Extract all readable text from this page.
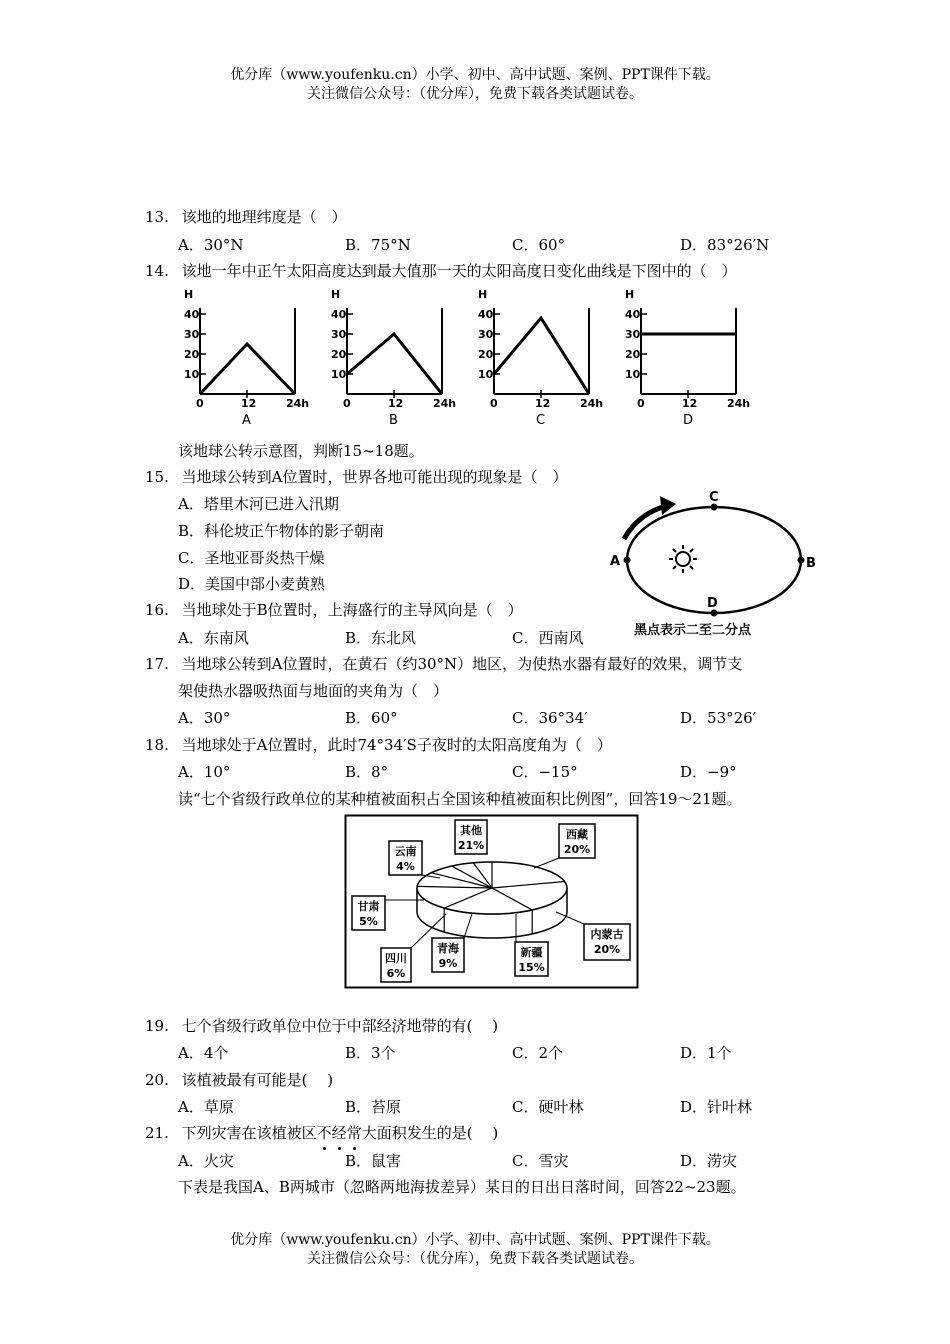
优分库（www.youfenku.cn）小学、初中、高中试题、案例、PPT课件下载。
关注微信公众号：（优分库），免费下载各类试题试卷。
13. 该地的地理纬度是（　）
A．30°N	B．75°N	C．60°	D．83°26′N
14. 该地一年中正午太阳高度达到最大值那一天的太阳高度日变化曲线是下图中的（　）
H
40
30
20
10
0	12	24h
A
H
40
30
20
10
0	12	24h
B
H
40
30
20
10
0	12	24h
C
H
40
30
20
10
0	12	24h
D
该地球公转示意图，判断15~18题。
15. 当地球公转到A位置时，世界各地可能出现的现象是（　）
A．塔里木河已进入汛期
B．科伦坡正午物体的影子朝南
C．圣地亚哥炎热干燥
D．美国中部小麦黄熟
A	B
C
D
黑点表示二至二分点
16. 当地球处于B位置时，上海盛行的主导风向是（　）
A．东南风	B．东北风	C．西南风
17. 当地球公转到A位置时，在黄石（约30°N）地区，为使热水器有最好的效果，调节支
架使热水器吸热面与地面的夹角为（　）
A．30°	B．60°	C．36°34′	D．53°26′
18. 当地球处于A位置时，此时74°34′S子夜时的太阳高度角为（　）
A．10°	B．8°	C．−15°	D．−9°
读“七个省级行政单位的某种植被面积占全国该种植被面积比例图”，回答19～21题。
其他
21%
西藏
20%
云南
4%
甘肃
5%
四川
6%
青海
9%
新疆
15%
内蒙古
20%
19. 七个省级行政单位中位于中部经济地带的有(　 )
A．4个	B．3个	C．2个	D．1个
20. 该植被最有可能是(　 )
A．草原	B．苔原	C．硬叶林	D．针叶林
21. 下列灾害在该植被区不
经
常
大面积发生的是(　 )
A．火灾	B．鼠害	C．雪灾	D．涝灾
下表是我国A、B两城市（忽略两地海拔差异）某日的日出日落时间，回答22~23题。
优分库（www.youfenku.cn）小学、初中、高中试题、案例、PPT课件下载。
关注微信公众号：（优分库），免费下载各类试题试卷。
